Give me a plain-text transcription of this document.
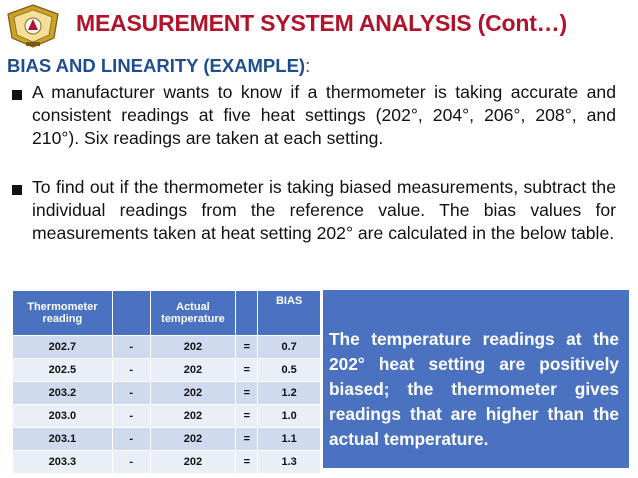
MEASUREMENT SYSTEM ANALYSIS (Cont…)
BIAS AND LINEARITY (EXAMPLE):
A manufacturer wants to know if a thermometer is taking accurate and consistent readings at five heat settings (202°, 204°, 206°, 208°, and 210°). Six readings are taken at each setting.
To find out if the thermometer is taking biased measurements, subtract the individual readings from the reference value. The bias values for measurements taken at heat setting 202° are calculated in the below table.
Thermometer reading		Actual temperature		BIAS
202.7	-	202	=	0.7
202.5	-	202	=	0.5
203.2	-	202	=	1.2
203.0	-	202	=	1.0
203.1	-	202	=	1.1
203.3	-	202	=	1.3
The temperature readings at the 202° heat setting are positively biased; the thermometer gives readings that are higher than the actual temperature.
